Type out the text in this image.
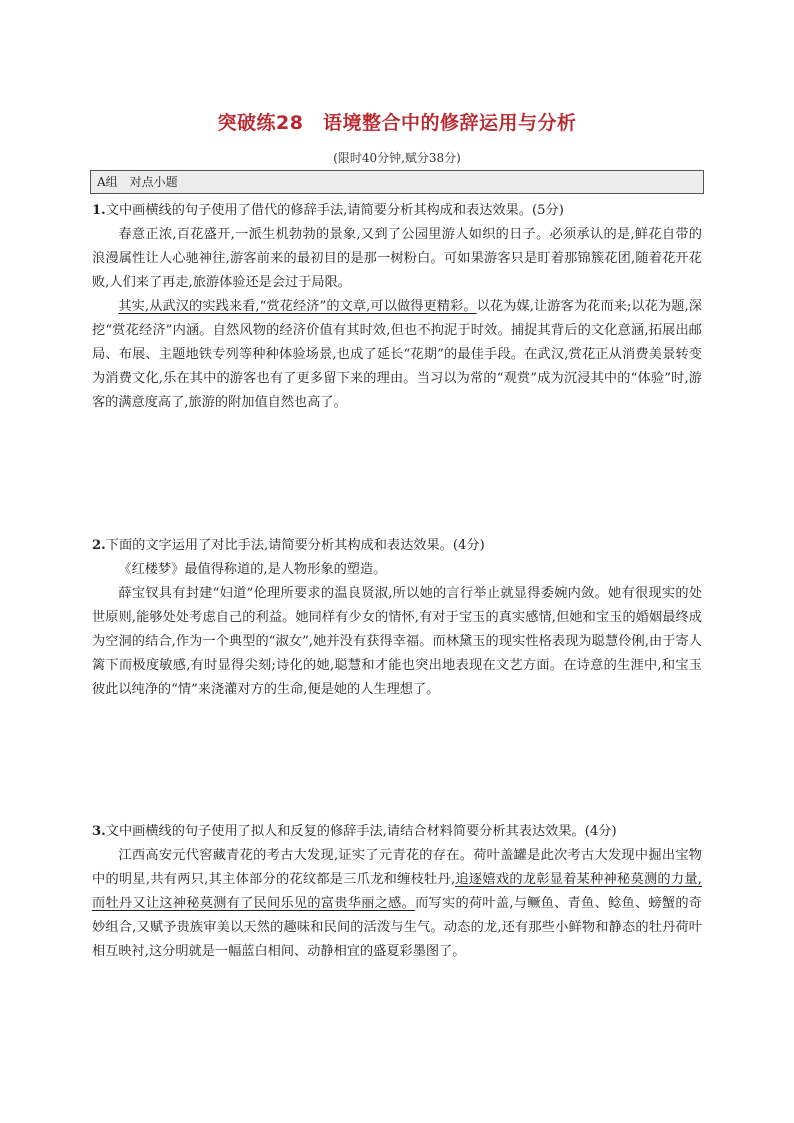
突破练28　语境整合中的修辞运用与分析
(限时40分钟,赋分38分)
A组　对点小题

1.文中画横线的句子使用了借代的修辞手法,请简要分析其构成和表达效果。(5分)

春意正浓,百花盛开,一派生机勃勃的景象,又到了公园里游人如织的日子。必须承认的是,鲜花自带的浪漫属性让人心驰神往,游客前来的最初目的是那一树粉白。可如果游客只是盯着那锦簇花团,随着花开花败,人们来了再走,旅游体验还是会过于局限。

其实,从武汉的实践来看,“赏花经济”的文章,可以做得更精彩。以花为媒,让游客为花而来;以花为题,深挖“赏花经济”内涵。自然风物的经济价值有其时效,但也不拘泥于时效。捕捉其背后的文化意涵,拓展出邮局、布展、主题地铁专列等种种体验场景,也成了延长“花期”的最佳手段。在武汉,赏花正从消费美景转变为消费文化,乐在其中的游客也有了更多留下来的理由。当习以为常的“观赏”成为沉浸其中的“体验”时,游客的满意度高了,旅游的附加值自然也高了。

2.下面的文字运用了对比手法,请简要分析其构成和表达效果。(4分)

《红楼梦》最值得称道的,是人物形象的塑造。

薛宝钗具有封建“妇道”伦理所要求的温良贤淑,所以她的言行举止就显得委婉内敛。她有很现实的处世原则,能够处处考虑自己的利益。她同样有少女的情怀,有对于宝玉的真实感情,但她和宝玉的婚姻最终成为空洞的结合,作为一个典型的“淑女”,她并没有获得幸福。而林黛玉的现实性格表现为聪慧伶俐,由于寄人篱下而极度敏感,有时显得尖刻;诗化的她,聪慧和才能也突出地表现在文艺方面。在诗意的生涯中,和宝玉彼此以纯净的“情”来浇灌对方的生命,便是她的人生理想了。

3.文中画横线的句子使用了拟人和反复的修辞手法,请结合材料简要分析其表达效果。(4分)

江西高安元代窖藏青花的考古大发现,证实了元青花的存在。荷叶盖罐是此次考古大发现中掘出宝物中的明星,共有两只,其主体部分的花纹都是三爪龙和缠枝牡丹,追逐嬉戏的龙彰显着某种神秘莫测的力量,而牡丹又让这神秘莫测有了民间乐见的富贵华丽之感。而写实的荷叶盖,与鳜鱼、青鱼、鲶鱼、螃蟹的奇妙组合,又赋予贵族审美以天然的趣味和民间的活泼与生气。动态的龙,还有那些小鲜物和静态的牡丹荷叶相互映衬,这分明就是一幅蓝白相间、动静相宜的盛夏彩墨图了。
